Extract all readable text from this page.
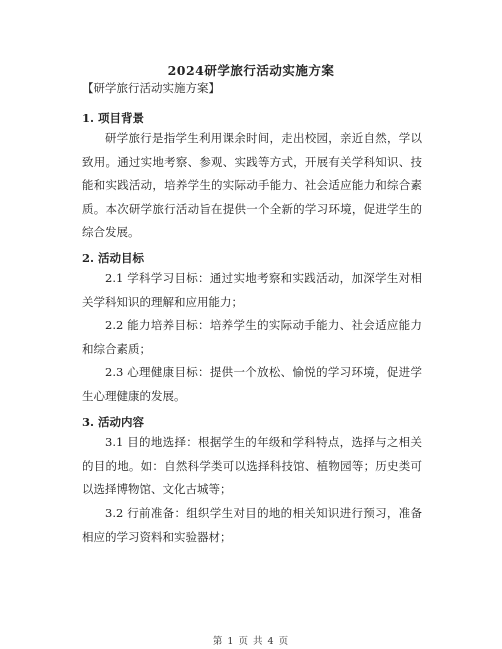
2024研学旅行活动实施方案
【研学旅行活动实施方案】
1. 项目背景

研学旅行是指学生利用课余时间，走出校园，亲近自然，学以致用。通过实地考察、参观、实践等方式，开展有关学科知识、技能和实践活动，培养学生的实际动手能力、社会适应能力和综合素质。本次研学旅行活动旨在提供一个全新的学习环境，促进学生的综合发展。

2. 活动目标

2.1 学科学习目标：通过实地考察和实践活动，加深学生对相关学科知识的理解和应用能力；

2.2 能力培养目标：培养学生的实际动手能力、社会适应能力和综合素质；

2.3 心理健康目标：提供一个放松、愉悦的学习环境，促进学生心理健康的发展。

3. 活动内容

3.1 目的地选择：根据学生的年级和学科特点，选择与之相关的目的地。如：自然科学类可以选择科技馆、植物园等；历史类可以选择博物馆、文化古城等；

3.2 行前准备：组织学生对目的地的相关知识进行预习，准备相应的学习资料和实验器材；

第 1 页 共 4 页
